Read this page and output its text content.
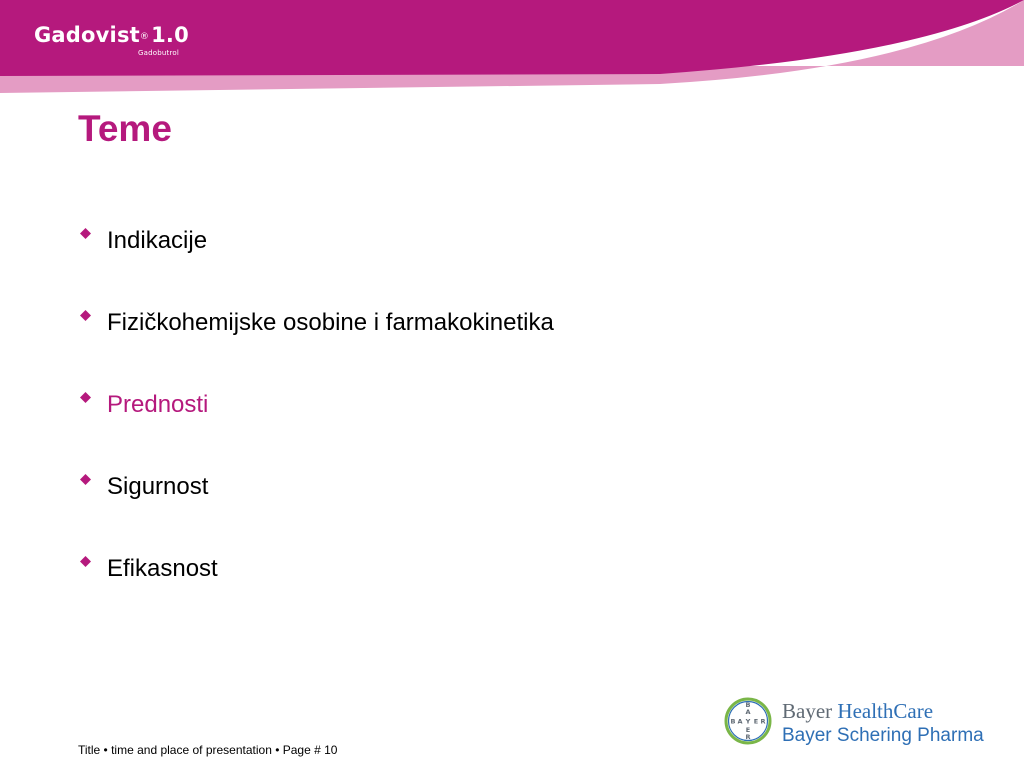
Gadovist®1.0
Gadobutrol
Teme
Indikacije
Fizičkohemijske osobine i farmakokinetika
Prednosti
Sigurnost
Efikasnost
Title • time and place of presentation • Page # 10
B
A
Y
E
R
B A E R Bayer HealthCare
Bayer Schering Pharma
